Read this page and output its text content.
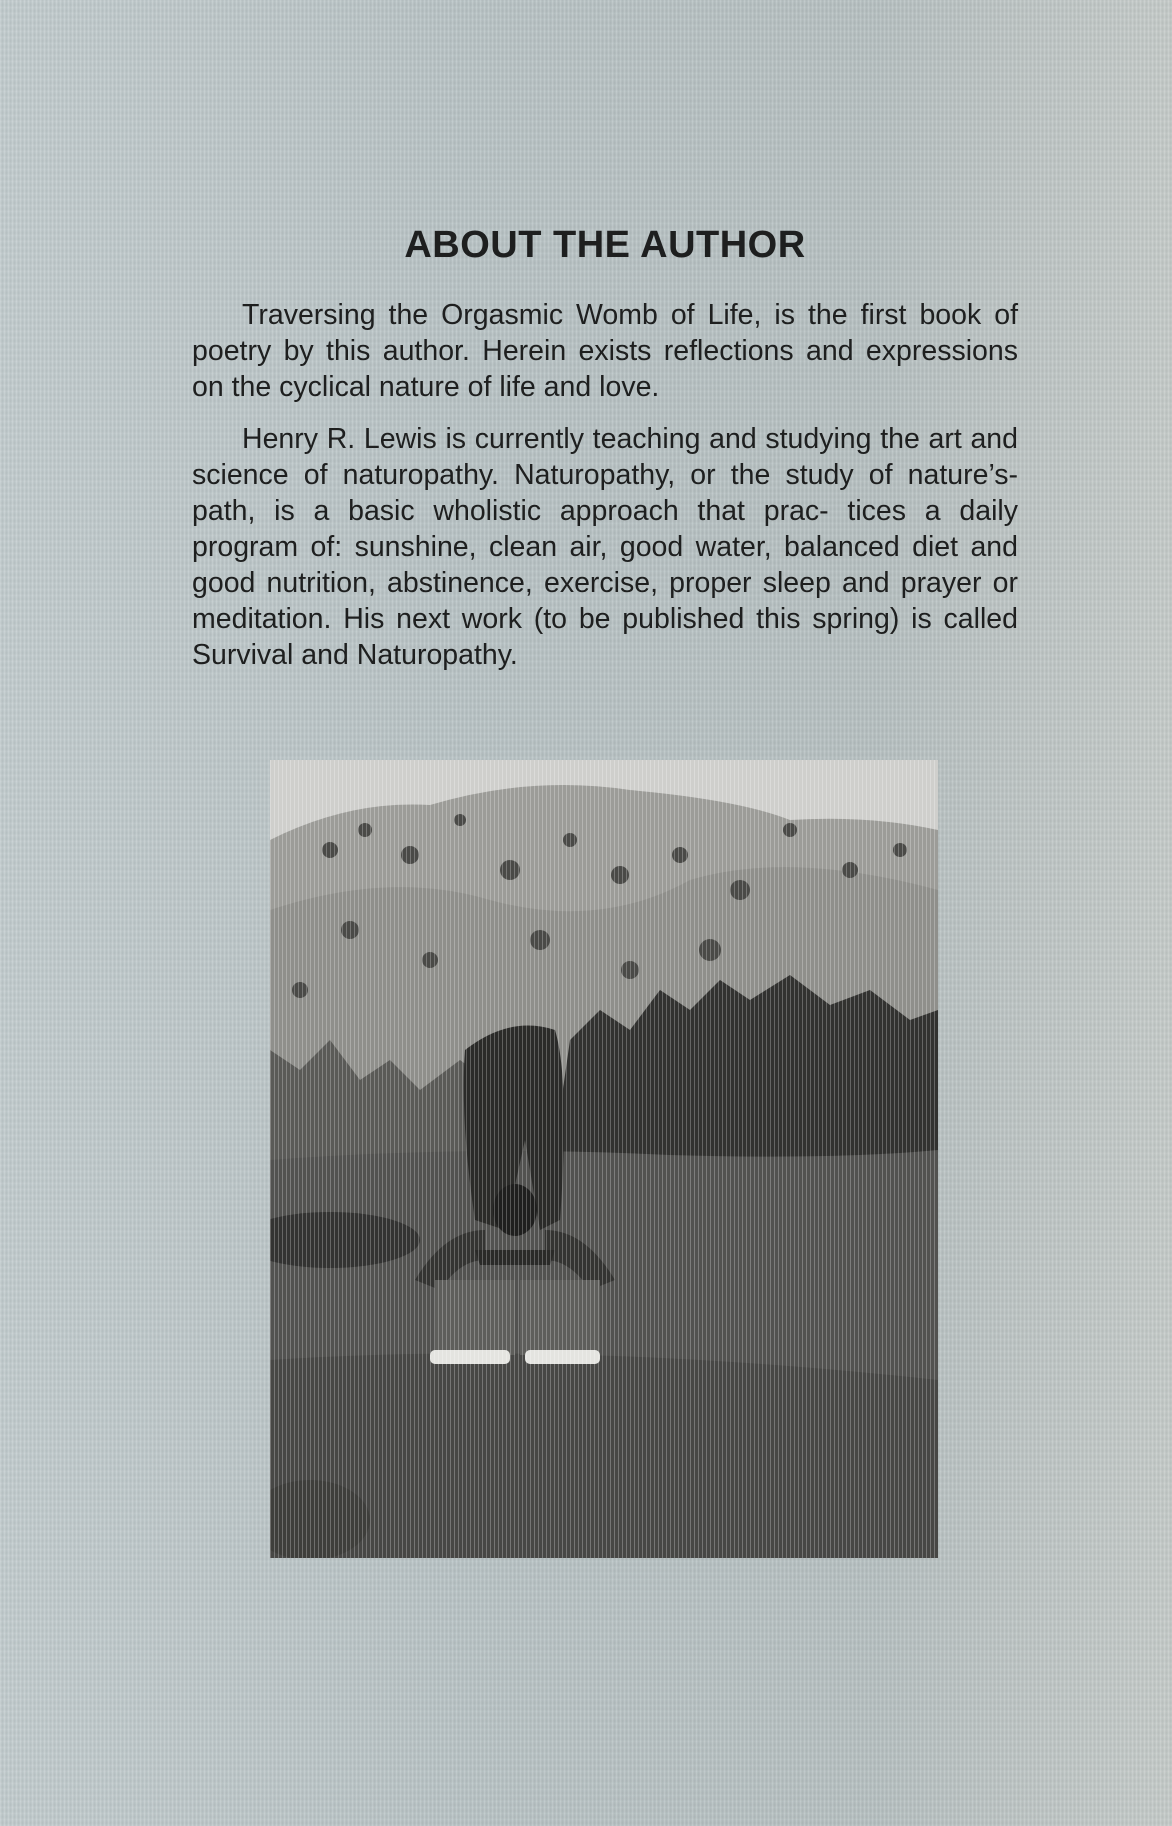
ABOUT THE AUTHOR

Traversing the Orgasmic Womb of Life, is the first book of poetry by this author. Herein exists reflections and expressions on the cyclical nature of life and love.

Henry R. Lewis is currently teaching and studying the art and science of naturopathy. Naturopathy, or the study of nature’s-path, is a basic wholistic approach that prac- tices a daily program of: sunshine, clean air, good water, balanced diet and good nutrition, abstinence, exercise, proper sleep and prayer or meditation. His next work (to be published this spring) is called Survival and Naturopathy.
